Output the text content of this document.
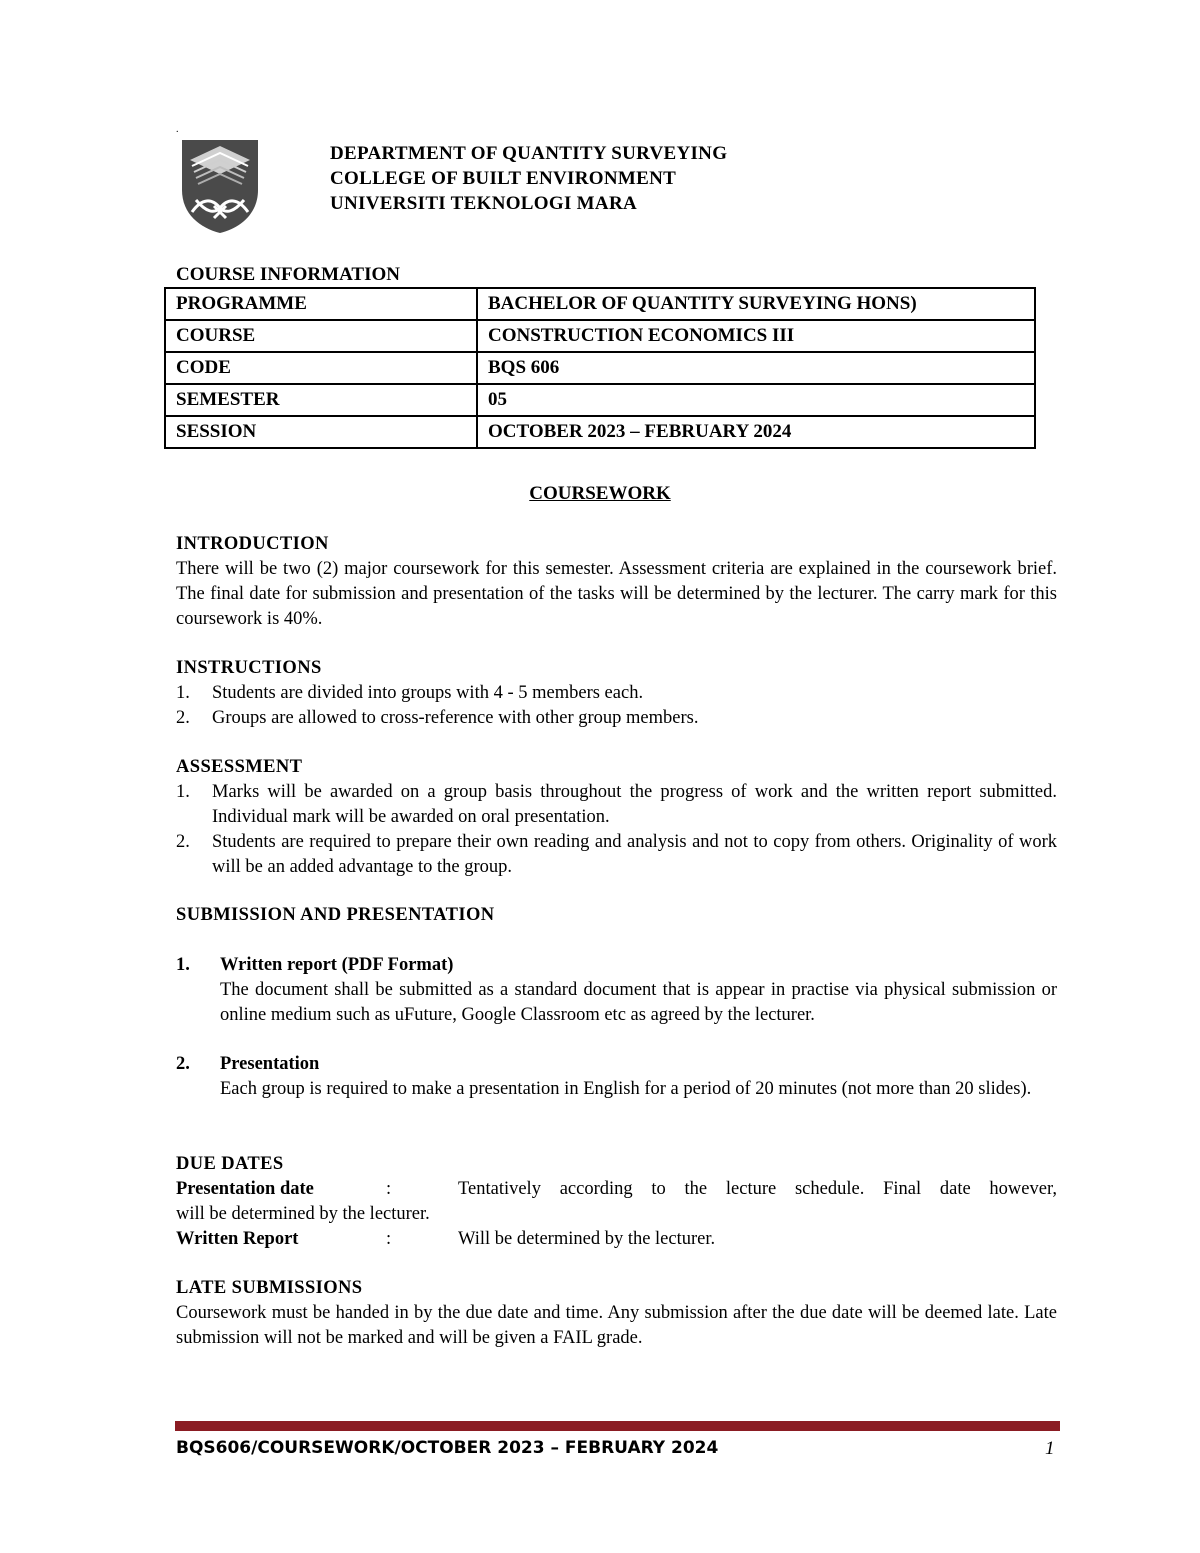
.
DEPARTMENT OF QUANTITY SURVEYING
COLLEGE OF BUILT ENVIRONMENT
UNIVERSITI TEKNOLOGI MARA
COURSE INFORMATION
PROGRAMME	BACHELOR OF QUANTITY SURVEYING HONS)
COURSE	CONSTRUCTION ECONOMICS III
CODE	BQS 606
SEMESTER	05
SESSION	OCTOBER 2023 – FEBRUARY 2024
COURSEWORK
INTRODUCTION
There will be two (2) major coursework for this semester. Assessment criteria are explained in the coursework brief. The final date for submission and presentation of the tasks will be determined by the lecturer. The carry mark for this coursework is 40%.
INSTRUCTIONS
1. Students are divided into groups with 4 - 5 members each.
2. Groups are allowed to cross-reference with other group members.
ASSESSMENT
1. Marks will be awarded on a group basis throughout the progress of work and the written report submitted. Individual mark will be awarded on oral presentation.
2. Students are required to prepare their own reading and analysis and not to copy from others. Originality of work will be an added advantage to the group.
SUBMISSION AND PRESENTATION
1. Written report (PDF Format)
The document shall be submitted as a standard document that is appear in practise via physical submission or online medium such as uFuture, Google Classroom etc as agreed by the lecturer.
2. Presentation
Each group is required to make a presentation in English for a period of 20 minutes (not more than 20 slides).
DUE DATES
Presentation date	:	Tentatively according to the lecture schedule. Final date however,
will be determined by the lecturer.
Written Report	:	Will be determined by the lecturer.
LATE SUBMISSIONS
Coursework must be handed in by the due date and time. Any submission after the due date will be deemed late. Late submission will not be marked and will be given a FAIL grade.
BQS606/COURSEWORK/OCTOBER 2023 – FEBRUARY 2024	1
